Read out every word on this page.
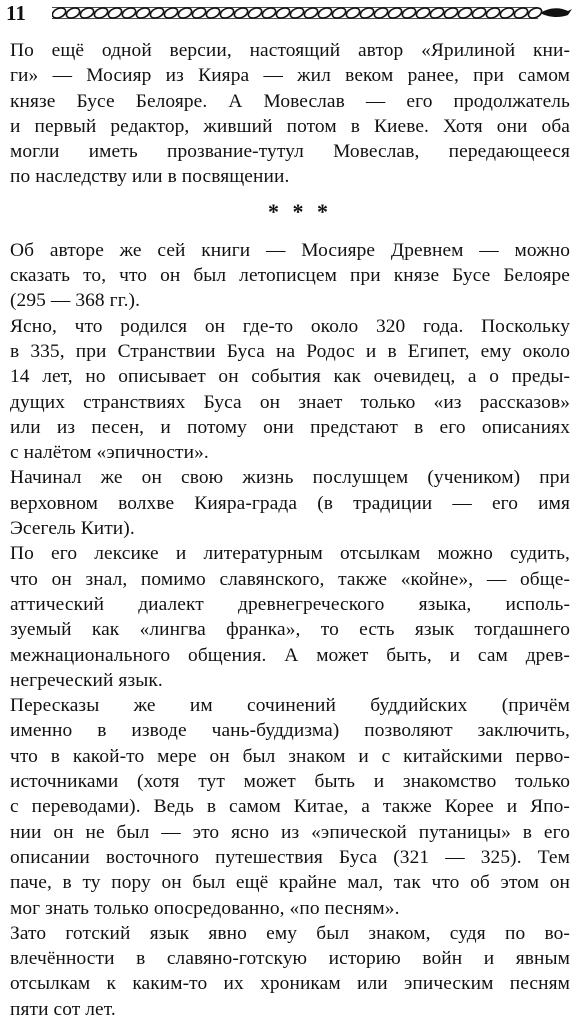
11
По ещё одной версии, настоящий автор «Ярилиной кни-
ги» — Мосияр из Кияра — жил веком ранее, при самом
князе Бусе Белояре. А Мовеслав — его продолжатель
и первый редактор, живший потом в Киеве. Хотя они оба
могли иметь прозвание-тутул Мовеслав, передающееся
по наследству или в посвящении.
* * *
Об авторе же сей книги — Мосияре Древнем — можно
сказать то, что он был летописцем при князе Бусе Белояре
(295 — 368 гг.).
Ясно, что родился он где-то около 320 года. Поскольку
в 335, при Странствии Буса на Родос и в Египет, ему около
14 лет, но описывает он события как очевидец, а о преды-
дущих странствиях Буса он знает только «из рассказов»
или из песен, и потому они предстают в его описаниях
с налётом «эпичности».
Начинал же он свою жизнь послушцем (учеником) при
верховном волхве Кияра-града (в традиции — его имя
Эсегель Кити).
По его лексике и литературным отсылкам можно судить,
что он знал, помимо славянского, также «койне», — обще-
аттический диалект древнегреческого языка, исполь-
зуемый как «лингва франка», то есть язык тогдашнего
межнационального общения. А может быть, и сам древ-
негреческий язык.
Пересказы же им сочинений буддийских (причём
именно в изводе чань-буддизма) позволяют заключить,
что в какой-то мере он был знаком и с китайскими перво-
источниками (хотя тут может быть и знакомство только
с переводами). Ведь в самом Китае, а также Корее и Япо-
нии он не был — это ясно из «эпической путаницы» в его
описании восточного путешествия Буса (321 — 325). Тем
паче, в ту пору он был ещё крайне мал, так что об этом он
мог знать только опосредованно, «по песням».
Зато готский язык явно ему был знаком, судя по во-
влечённости в славяно-готскую историю войн и явным
отсылкам к каким-то их хроникам или эпическим песням
пяти сот лет.
